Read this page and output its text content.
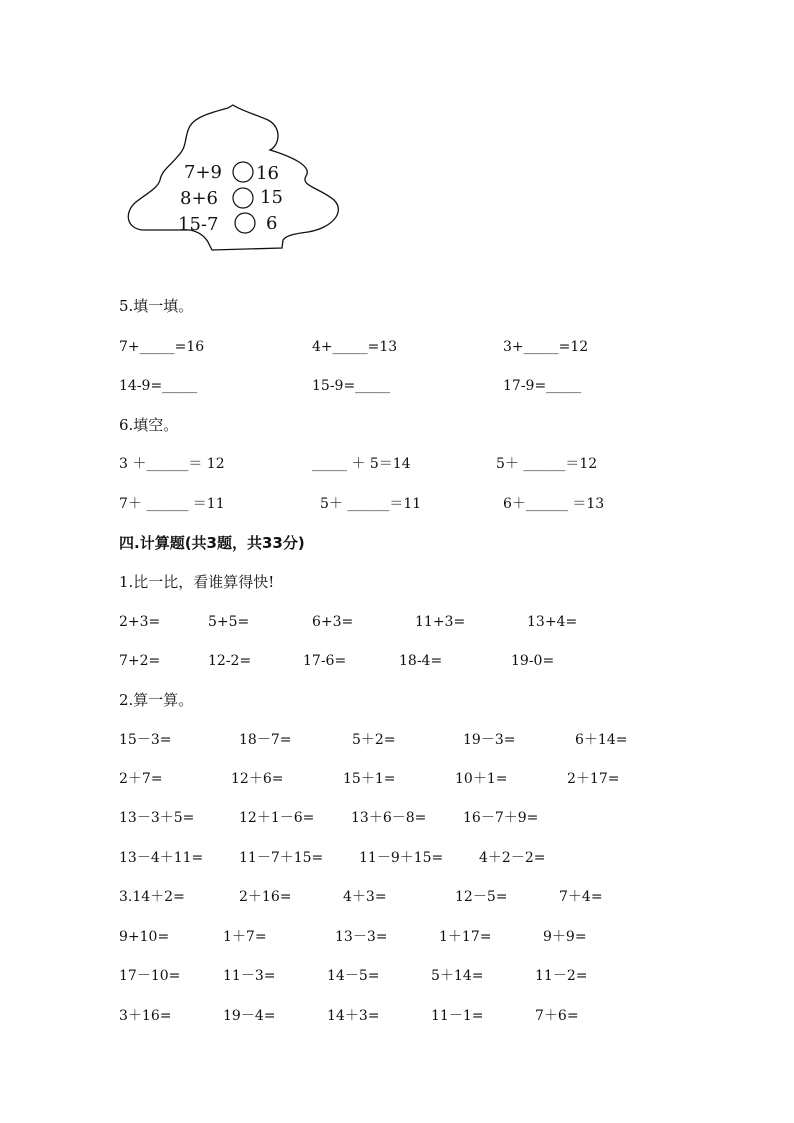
7+9 16
8+6 15
15-7	6
5.填一填。
7+_____=16	4+_____=13	3+_____=12
14-9=_____	15-9=_____	17-9=_____
6.填空。
3 ＋______＝ 12	_____ ＋ 5＝14	5＋ ______＝12
7＋ ______ ＝11	5＋ ______＝11	6＋______ ＝13
四.计算题(共3题，共33分)
1.比一比，看谁算得快!
2+3=	5+5=	6+3=	11+3=	13+4=
7+2=	12-2=	17-6=	18-4=	19-0=
2.算一算。
15－3=	18－7=	5＋2=	19－3=	6＋14=
2＋7=	12＋6=	15＋1=	10＋1=	2＋17=
13－3＋5=	12＋1－6=	13＋6－8=	16－7＋9=
13－4＋11=	11－7＋15=	11－9＋15=	4＋2－2=
3.14＋2=	2＋16=	4＋3=	12－5=	7＋4=
9+10=	1＋7=	13－3=	1＋17=	9＋9=
17－10=	11－3=	14－5=	5＋14=	11－2=
3＋16=	19－4=	14＋3=	11－1=	7＋6=
